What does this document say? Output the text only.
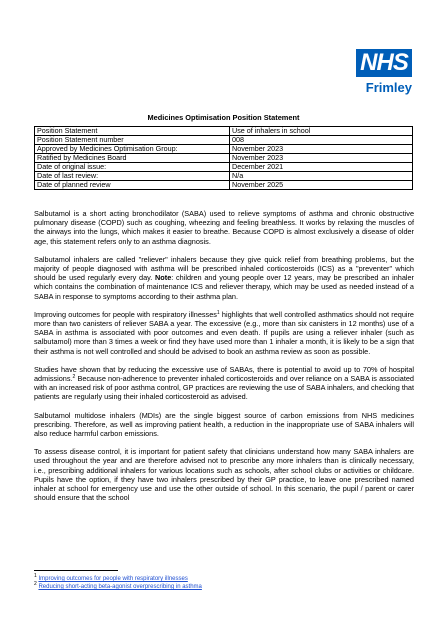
NHS
Frimley
Medicines Optimisation Position Statement
Position Statement	Use of inhalers in school
Position Statement number	008
Approved by Medicines Optimisation Group:	November 2023
Ratified by Medicines Board	November 2023
Date of original issue:	December 2021
Date of last review:	N/a
Date of planned review	November 2025

Salbutamol is a short acting bronchodilator (SABA) used to relieve symptoms of asthma and chronic obstructive pulmonary disease (COPD) such as coughing, wheezing and feeling breathless. It works by relaxing the muscles of the airways into the lungs, which makes it easier to breathe. Because COPD is almost exclusively a disease of older age, this statement refers only to an asthma diagnosis.

Salbutamol inhalers are called "reliever" inhalers because they give quick relief from breathing problems, but the majority of people diagnosed with asthma will be prescribed inhaled corticosteroids (ICS) as a "preventer" which should be used regularly every day. Note: children and young people over 12 years, may be prescribed an inhaler which contains the combination of maintenance ICS and reliever therapy, which may be used as needed instead of a SABA in response to symptoms according to their asthma plan.

Improving outcomes for people with respiratory illnesses$^1$ highlights that well controlled asthmatics should not require more than two canisters of reliever SABA a year. The excessive (e.g., more than six canisters in 12 months) use of a SABA in asthma is associated with poor outcomes and even death. If pupils are using a reliever inhaler (such as salbutamol) more than 3 times a week or find they have used more than 1 inhaler a month, it is likely to be a sign that their asthma is not well controlled and should be advised to book an asthma review as soon as possible.

Studies have shown that by reducing the excessive use of SABAs, there is potential to avoid up to 70% of hospital admissions.$^2$ Because non-adherence to preventer inhaled corticosteroids and over reliance on a SABA is associated with an increased risk of poor asthma control, GP practices are reviewing the use of SABA inhalers, and checking that patients are regularly using their inhaled corticosteroid as advised.

Salbutamol multidose inhalers (MDIs) are the single biggest source of carbon emissions from NHS medicines prescribing. Therefore, as well as improving patient health, a reduction in the inappropriate use of SABA inhalers will also reduce harmful carbon emissions.

To assess disease control, it is important for patient safety that clinicians understand how many SABA inhalers are used throughout the year and are therefore advised not to prescribe any more inhalers than is clinically necessary, i.e., prescribing additional inhalers for various locations such as schools, after school clubs or activities or childcare. Pupils have the option, if they have two inhalers prescribed by their GP practice, to leave one prescribed named inhaler at school for emergency use and use the other outside of school. In this scenario, the pupil / parent or carer should ensure that the school

$^1$ Improving outcomes for people with respiratory illnesses
$^2$ Reducing short-acting beta-agonist overprescribing in asthma
